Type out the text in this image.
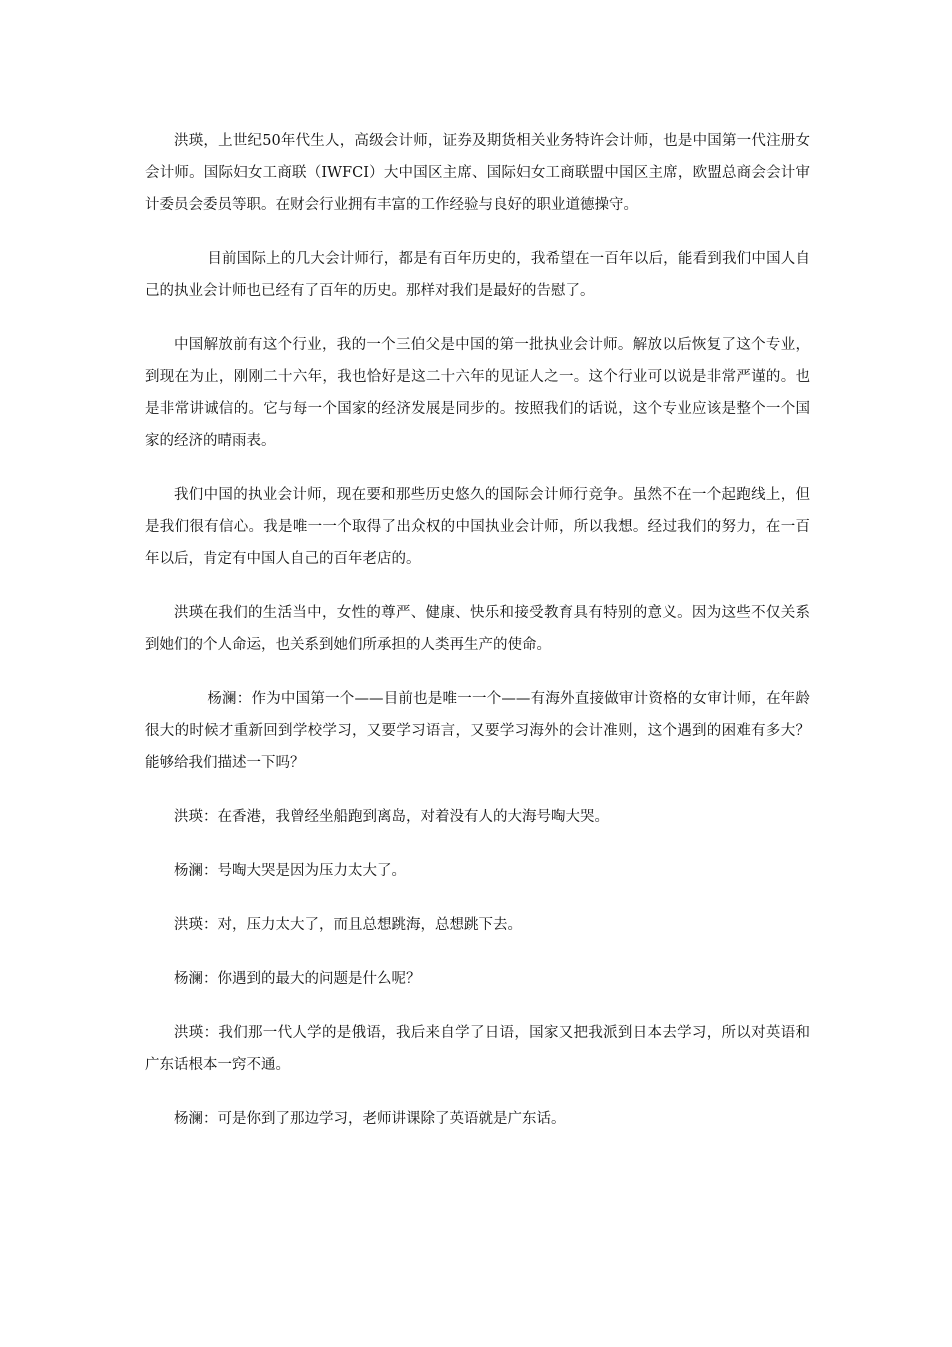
洪瑛，上世纪50年代生人，高级会计师，证券及期货相关业务特许会计师，也是中国第一代注册女会计师。国际妇女工商联（IWFCI）大中国区主席、国际妇女工商联盟中国区主席，欧盟总商会会计审计委员会委员等职。在财会行业拥有丰富的工作经验与良好的职业道德操守。

目前国际上的几大会计师行，都是有百年历史的，我希望在一百年以后，能看到我们中国人自己的执业会计师也已经有了百年的历史。那样对我们是最好的告慰了。

中国解放前有这个行业，我的一个三伯父是中国的第一批执业会计师。解放以后恢复了这个专业，到现在为止，刚刚二十六年，我也恰好是这二十六年的见证人之一。这个行业可以说是非常严谨的。也是非常讲诚信的。它与每一个国家的经济发展是同步的。按照我们的话说，这个专业应该是整个一个国家的经济的晴雨表。

我们中国的执业会计师，现在要和那些历史悠久的国际会计师行竞争。虽然不在一个起跑线上，但是我们很有信心。我是唯一一个取得了出众权的中国执业会计师，所以我想。经过我们的努力，在一百年以后，肯定有中国人自己的百年老店的。

洪瑛在我们的生活当中，女性的尊严、健康、快乐和接受教育具有特别的意义。因为这些不仅关系到她们的个人命运，也关系到她们所承担的人类再生产的使命。

杨澜：作为中国第一个——目前也是唯一一个——有海外直接做审计资格的女审计师，在年龄很大的时候才重新回到学校学习，又要学习语言，又要学习海外的会计准则，这个遇到的困难有多大？能够给我们描述一下吗？

洪瑛：在香港，我曾经坐船跑到离岛，对着没有人的大海号啕大哭。

杨澜：号啕大哭是因为压力太大了。

洪瑛：对，压力太大了，而且总想跳海，总想跳下去。

杨澜：你遇到的最大的问题是什么呢？

洪瑛：我们那一代人学的是俄语，我后来自学了日语，国家又把我派到日本去学习，所以对英语和广东话根本一窍不通。

杨澜：可是你到了那边学习，老师讲课除了英语就是广东话。
